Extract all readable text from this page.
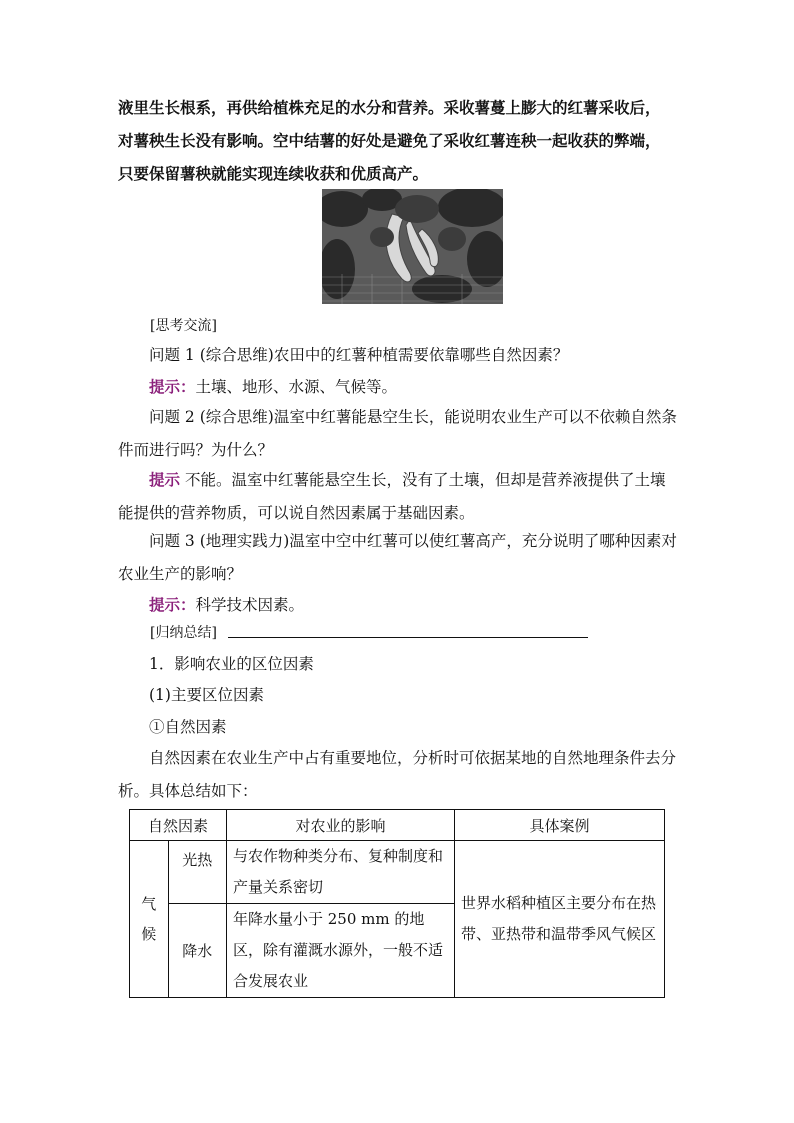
液里生长根系，再供给植株充足的水分和营养。采收薯蔓上膨大的红薯采收后，
对薯秧生长没有影响。空中结薯的好处是避免了采收红薯连秧一起收获的弊端，
只要保留薯秧就能实现连续收获和优质高产。

[思考交流]

问题 1 (综合思维)农田中的红薯种植需要依靠哪些自然因素？

提示：土壤、地形、水源、气候等。

问题 2 (综合思维)温室中红薯能悬空生长，能说明农业生产可以不依赖自然条件而进行吗？为什么？

提示 不能。温室中红薯能悬空生长，没有了土壤，但却是营养液提供了土壤能提供的营养物质，可以说自然因素属于基础因素。

问题 3 (地理实践力)温室中空中红薯可以使红薯高产，充分说明了哪种因素对农业生产的影响？

提示：科学技术因素。

[归纳总结]

1．影响农业的区位因素

(1)主要区位因素

①自然因素

自然因素在农业生产中占有重要地位，分析时可依据某地的自然地理条件去分析。具体总结如下：

自然因素		对农业的影响	具体案例
气候	光热	与农作物种类分布、复种制度和产量关系密切	世界水稻种植区主要分布在热带、亚热带和温带季风气候区
	降水	年降水量小于 250 mm 的地区，除有灌溉水源外，一般不适合发展农业	
